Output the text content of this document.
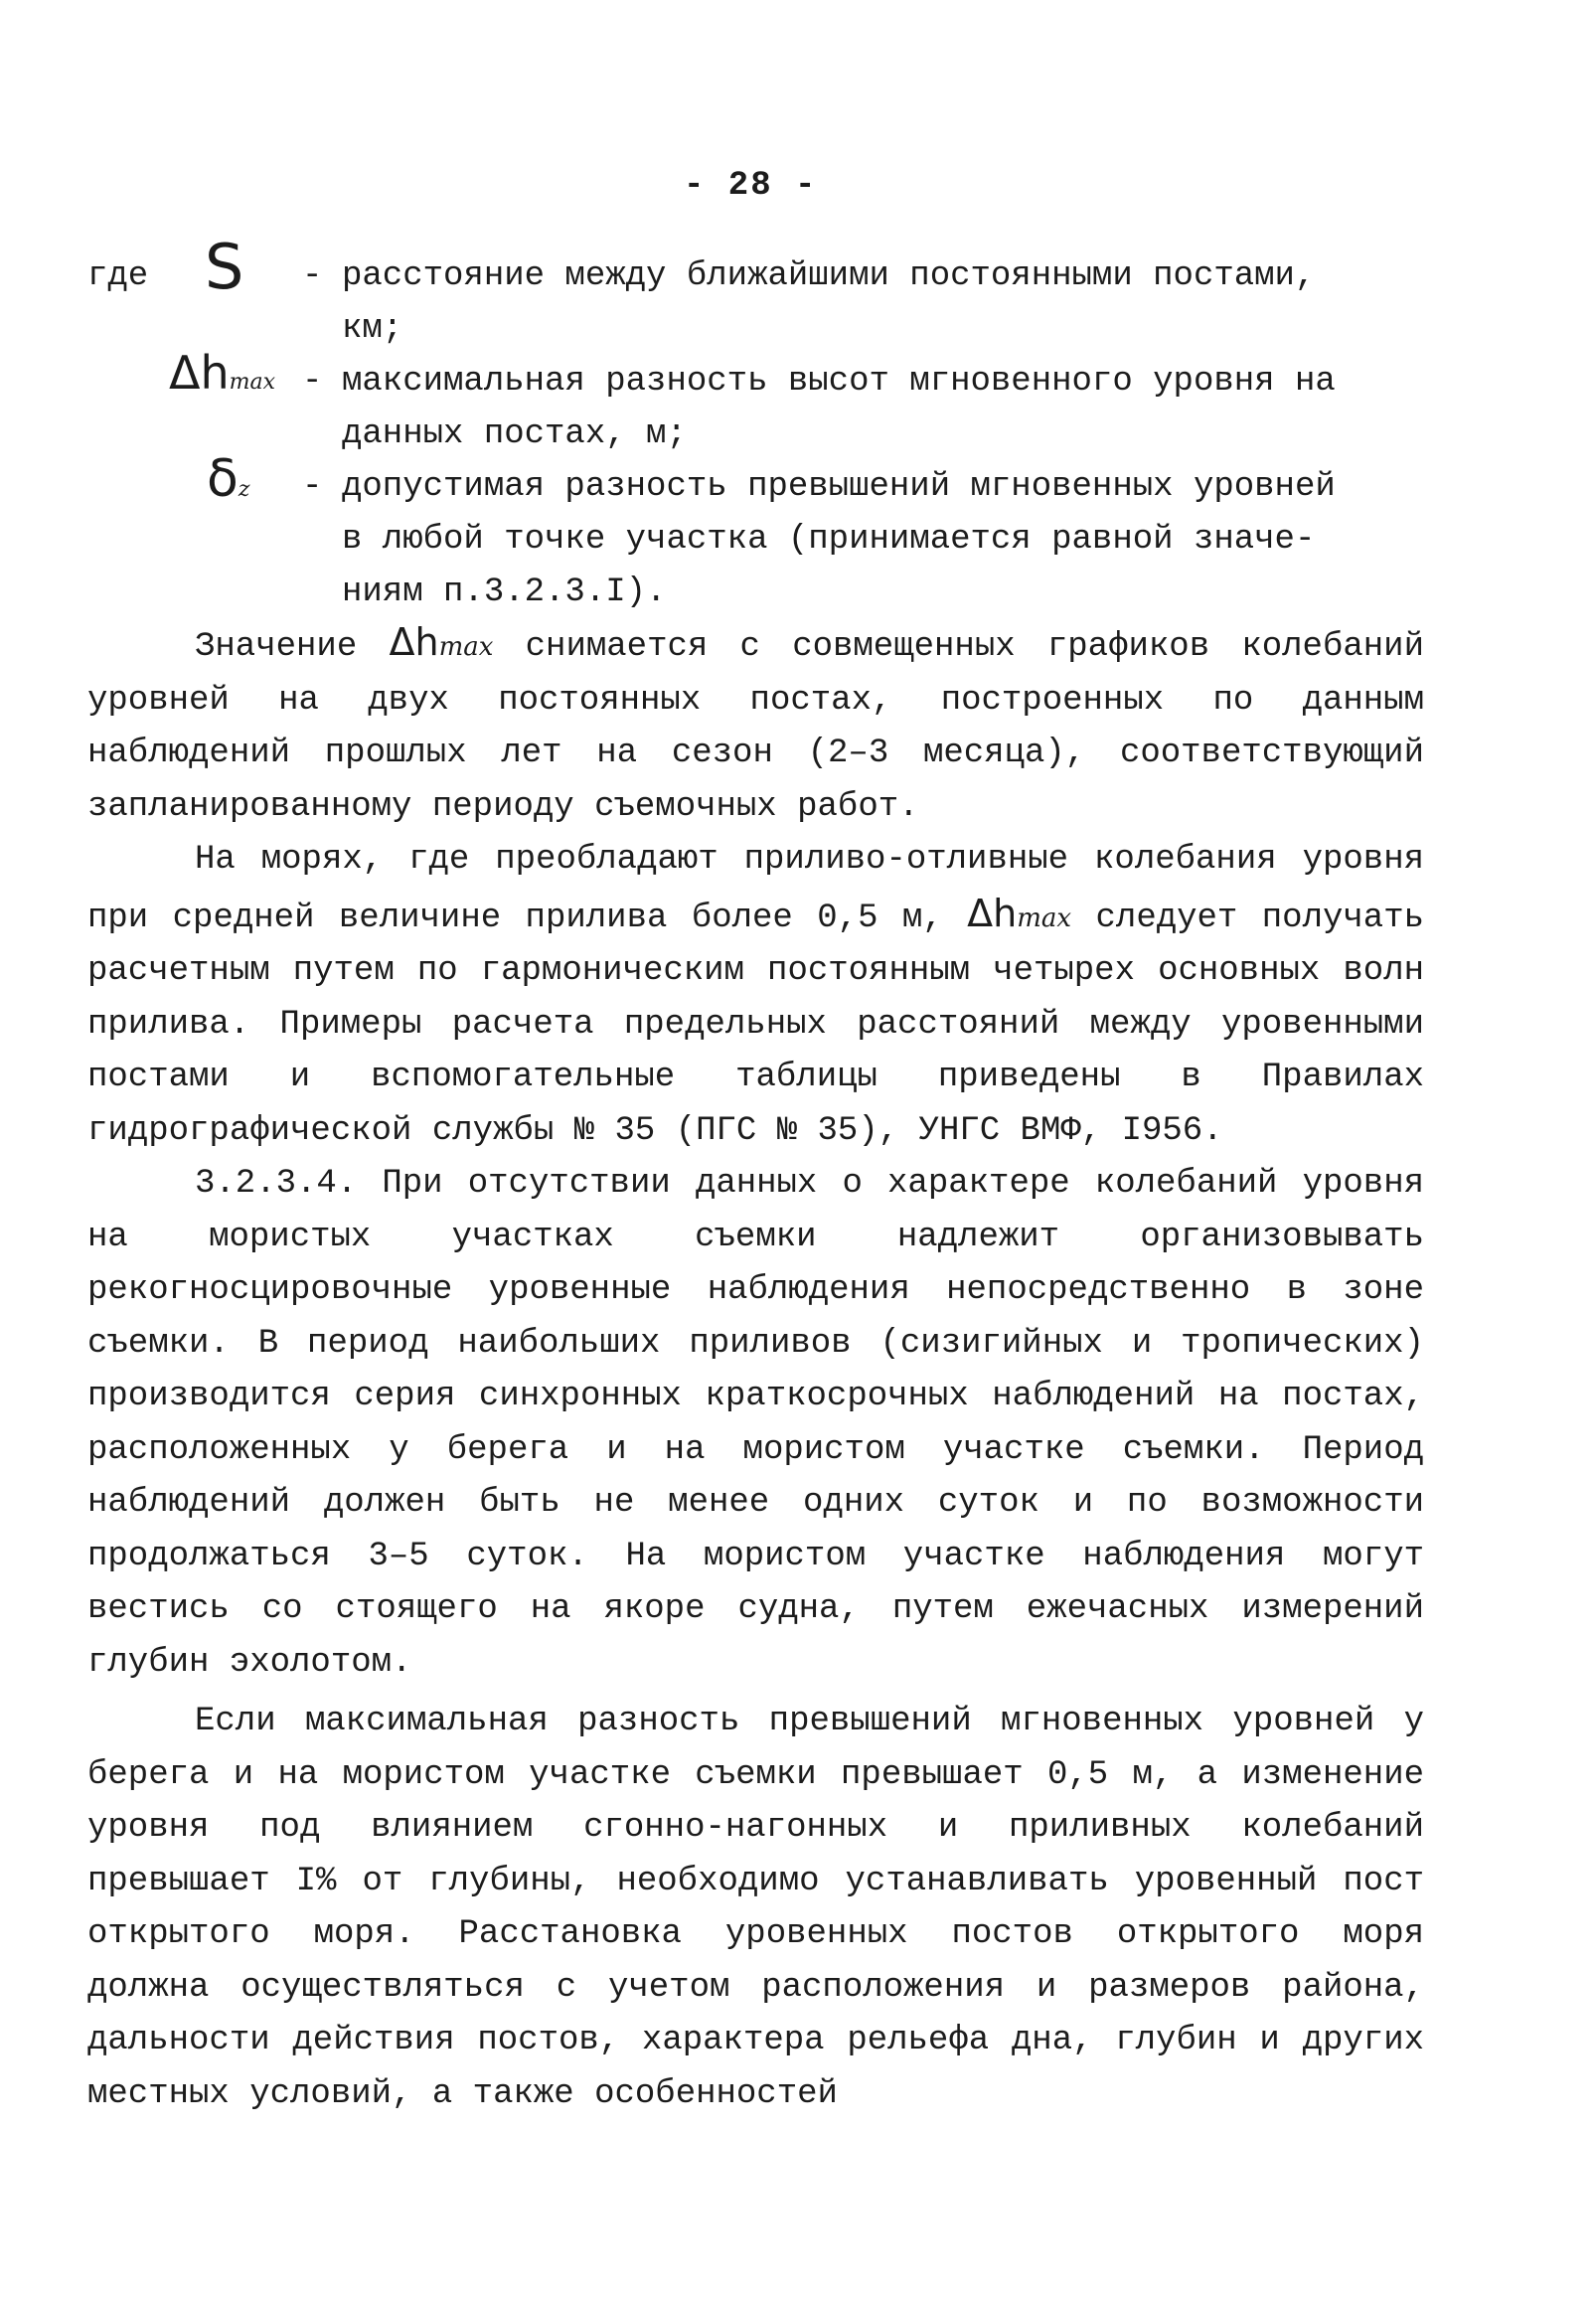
- 28 -
где S - расстояние между ближайшими постоянными постами,
км;
Δhmax - максимальная разность высот мгновенного уровня на
данных постах, м;
δz - допустимая разность превышений мгновенных уровней
в любой точке участка (принимается равной значе-
ниям п.3.2.3.I).

Значение Δhmax снимается с совмещенных графиков колебаний уровней на двух постоянных постах, построенных по данным наблюдений прошлых лет на сезон (2–3 месяца), соответствующий запланированному периоду съемочных работ.

На морях, где преобладают приливо-отливные колебания уровня при средней величине прилива более 0,5 м, Δhmax следует получать расчетным путем по гармоническим постоянным четырех основных волн прилива. Примеры расчета предельных расстояний между уровенными постами и вспомогательные таблицы приведены в Правилах гидрографической службы № 35 (ПГС № 35), УНГС ВМФ, I956.

3.2.3.4. При отсутствии данных о характере колебаний уровня на мористых участках съемки надлежит организовывать рекогносцировочные уровенные наблюдения непосредственно в зоне съемки. В период наибольших приливов (сизигийных и тропических) производится серия синхронных краткосрочных наблюдений на постах, расположенных у берега и на мористом участке съемки. Период наблюдений должен быть не менее одних суток и по возможности продолжаться 3–5 суток. На мористом участке наблюдения могут вестись со стоящего на якоре судна, путем ежечасных измерений глубин эхолотом.

Если максимальная разность превышений мгновенных уровней у берега и на мористом участке съемки превышает 0,5 м, а изменение уровня под влиянием сгонно-нагонных и приливных колебаний превышает I% от глубины, необходимо устанавливать уровенный пост открытого моря. Расстановка уровенных постов открытого моря должна осуществляться с учетом расположения и размеров района, дальности действия постов, характера рельефа дна, глубин и других местных условий, а также особенностей
